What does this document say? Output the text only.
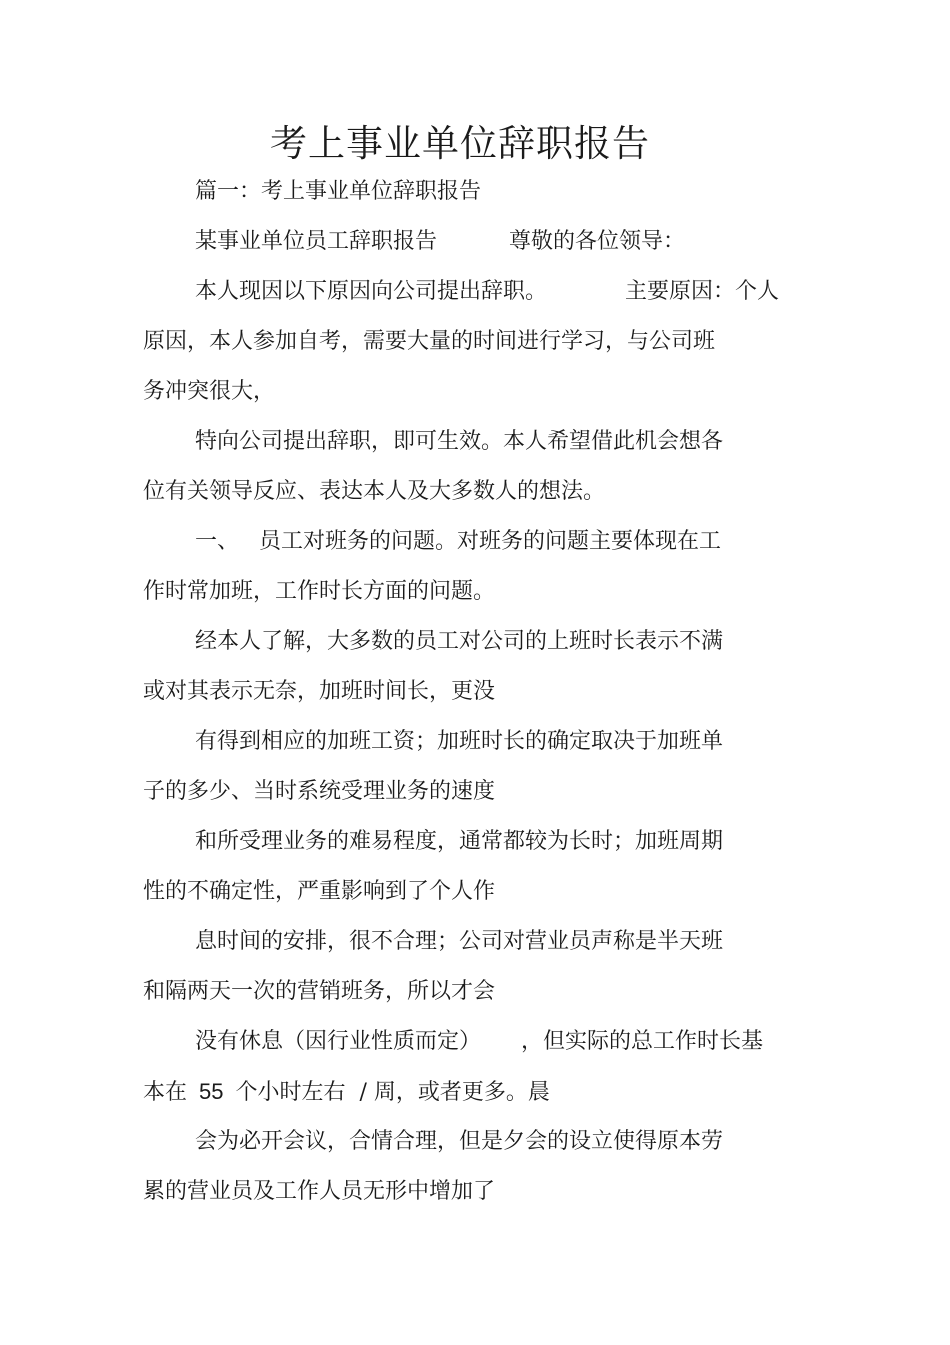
考上事业单位辞职报告

篇一：考上事业单位辞职报告

某事业单位员工辞职报告	尊敬的各位领导：

本人现因以下原因向公司提出辞职。	主要原因：个人

原因，本人参加自考，需要大量的时间进行学习，与公司班

务冲突很大，

特向公司提出辞职，即可生效。本人希望借此机会想各

位有关领导反应、表达本人及大多数人的想法。

一、 员工对班务的问题。对班务的问题主要体现在工

作时常加班，工作时长方面的问题。

经本人了解，大多数的员工对公司的上班时长表示不满

或对其表示无奈，加班时间长，更没

有得到相应的加班工资；加班时长的确定取决于加班单

子的多少、当时系统受理业务的速度

和所受理业务的难易程度，通常都较为长时；加班周期

性的不确定性，严重影响到了个人作

息时间的安排，很不合理；公司对营业员声称是半天班

和隔两天一次的营销班务，所以才会

没有休息（因行业性质而定） ，但实际的总工作时长基

本在 55 个小时左右 / 周，或者更多。晨

会为必开会议，合情合理，但是夕会的设立使得原本劳

累的营业员及工作人员无形中增加了
